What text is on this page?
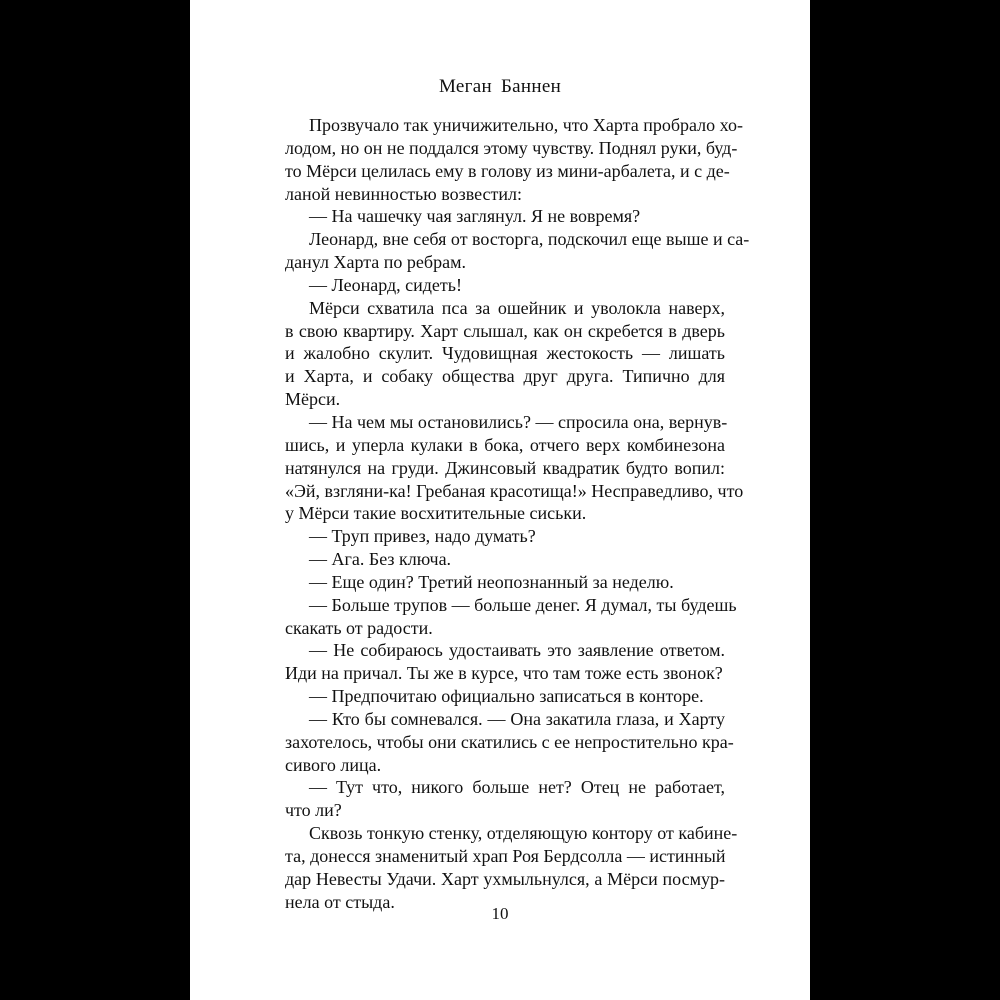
Меган Баннен
Прозвучало так уничижительно, что Харта пробрало хо-
лодом, но он не поддался этому чувству. Поднял руки, буд-
то Мёрси целилась ему в голову из мини-арбалета, и с де-
ланой невинностью возвестил:
— На чашечку чая заглянул. Я не вовремя?
Леонард, вне себя от восторга, подскочил еще выше и са-
данул Харта по ребрам.
— Леонард, сидеть!
Мёрси схватила пса за ошейник и уволокла наверх,
в свою квартиру. Харт слышал, как он скребется в дверь
и жалобно скулит. Чудовищная жестокость — лишать
и Харта, и собаку общества друг друга. Типично для
Мёрси.
— На чем мы остановились? — спросила она, вернув-
шись, и уперла кулаки в бока, отчего верх комбинезона
натянулся на груди. Джинсовый квадратик будто вопил:
«Эй, взгляни-ка! Гребаная красотища!» Несправедливо, что
у Мёрси такие восхитительные сиськи.
— Труп привез, надо думать?
— Ага. Без ключа.
— Еще один? Третий неопознанный за неделю.
— Больше трупов — больше денег. Я думал, ты будешь
скакать от радости.
— Не собираюсь удостаивать это заявление ответом.
Иди на причал. Ты же в курсе, что там тоже есть звонок?
— Предпочитаю официально записаться в конторе.
— Кто бы сомневался. — Она закатила глаза, и Харту
захотелось, чтобы они скатились с ее непростительно кра-
сивого лица.
— Тут что, никого больше нет? Отец не работает,
что ли?
Сквозь тонкую стенку, отделяющую контору от кабине-
та, донесся знаменитый храп Роя Бердсолла — истинный
дар Невесты Удачи. Харт ухмыльнулся, а Мёрси посмур-
нела от стыда.
10
